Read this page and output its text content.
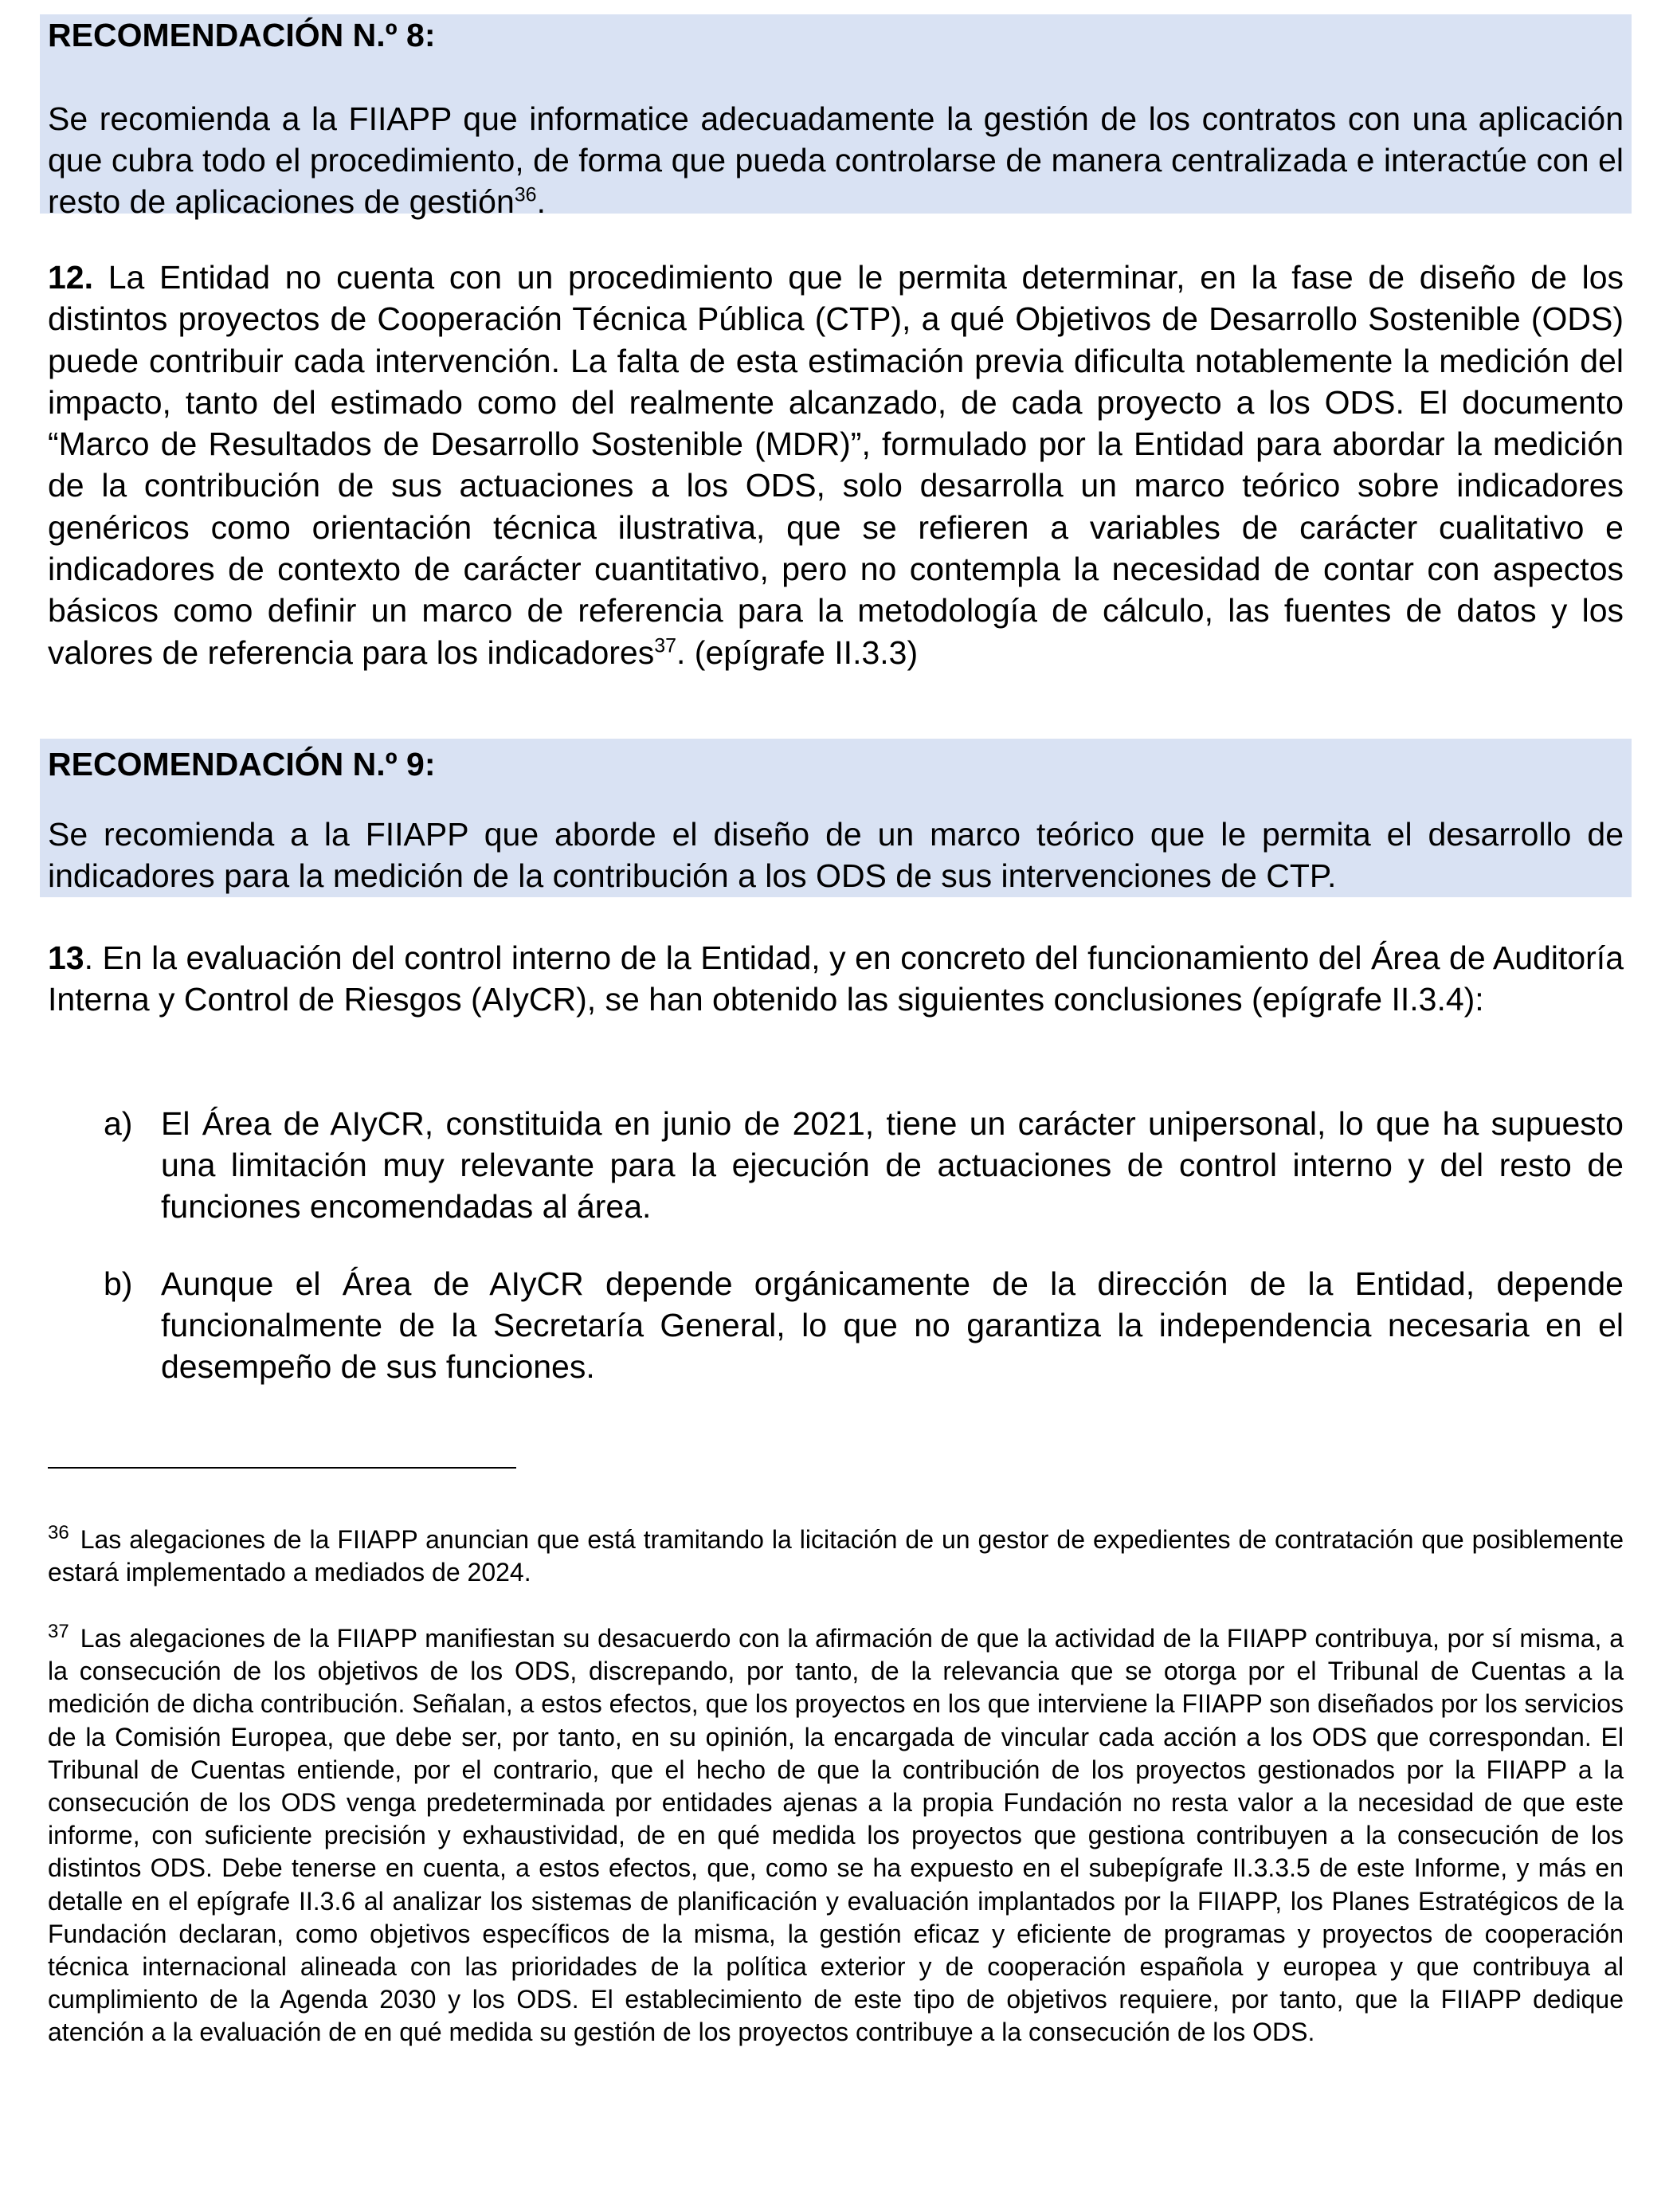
RECOMENDACIÓN N.º 8:

Se recomienda a la FIIAPP que informatice adecuadamente la gestión de los contratos con una aplicación que cubra todo el procedimiento, de forma que pueda controlarse de manera centralizada e interactúe con el resto de aplicaciones de gestión$^{36}$.

12. La Entidad no cuenta con un procedimiento que le permita determinar, en la fase de diseño de los distintos proyectos de Cooperación Técnica Pública (CTP), a qué Objetivos de Desarrollo Sostenible (ODS) puede contribuir cada intervención. La falta de esta estimación previa dificulta notablemente la medición del impacto, tanto del estimado como del realmente alcanzado, de cada proyecto a los ODS. El documento “Marco de Resultados de Desarrollo Sostenible (MDR)”, formulado por la Entidad para abordar la medición de la contribución de sus actuaciones a los ODS, solo desarrolla un marco teórico sobre indicadores genéricos como orientación técnica ilustrativa, que se refieren a variables de carácter cualitativo e indicadores de contexto de carácter cuantitativo, pero no contempla la necesidad de contar con aspectos básicos como definir un marco de referencia para la metodología de cálculo, las fuentes de datos y los valores de referencia para los indicadores$^{37}$. (epígrafe II.3.3)

RECOMENDACIÓN N.º 9:

Se recomienda a la FIIAPP que aborde el diseño de un marco teórico que le permita el desarrollo de indicadores para la medición de la contribución a los ODS de sus intervenciones de CTP.

13. En la evaluación del control interno de la Entidad, y en concreto del funcionamiento del Área de Auditoría Interna y Control de Riesgos (AIyCR), se han obtenido las siguientes conclusiones (epígrafe II.3.4):

a) El Área de AIyCR, constituida en junio de 2021, tiene un carácter unipersonal, lo que ha supuesto una limitación muy relevante para la ejecución de actuaciones de control interno y del resto de funciones encomendadas al área.
b) Aunque el Área de AIyCR depende orgánicamente de la dirección de la Entidad, depende funcionalmente de la Secretaría General, lo que no garantiza la independencia necesaria en el desempeño de sus funciones.

$^{36}$ Las alegaciones de la FIIAPP anuncian que está tramitando la licitación de un gestor de expedientes de contratación que posiblemente estará implementado a mediados de 2024.

$^{37}$ Las alegaciones de la FIIAPP manifiestan su desacuerdo con la afirmación de que la actividad de la FIIAPP contribuya, por sí misma, a la consecución de los objetivos de los ODS, discrepando, por tanto, de la relevancia que se otorga por el Tribunal de Cuentas a la medición de dicha contribución. Señalan, a estos efectos, que los proyectos en los que interviene la FIIAPP son diseñados por los servicios de la Comisión Europea, que debe ser, por tanto, en su opinión, la encargada de vincular cada acción a los ODS que correspondan. El Tribunal de Cuentas entiende, por el contrario, que el hecho de que la contribución de los proyectos gestionados por la FIIAPP a la consecución de los ODS venga predeterminada por entidades ajenas a la propia Fundación no resta valor a la necesidad de que este informe, con suficiente precisión y exhaustividad, de en qué medida los proyectos que gestiona contribuyen a la consecución de los distintos ODS. Debe tenerse en cuenta, a estos efectos, que, como se ha expuesto en el subepígrafe II.3.3.5 de este Informe, y más en detalle en el epígrafe II.3.6 al analizar los sistemas de planificación y evaluación implantados por la FIIAPP, los Planes Estratégicos de la Fundación declaran, como objetivos específicos de la misma, la gestión eficaz y eficiente de programas y proyectos de cooperación técnica internacional alineada con las prioridades de la política exterior y de cooperación española y europea y que contribuya al cumplimiento de la Agenda 2030 y los ODS. El establecimiento de este tipo de objetivos requiere, por tanto, que la FIIAPP dedique atención a la evaluación de en qué medida su gestión de los proyectos contribuye a la consecución de los ODS.
